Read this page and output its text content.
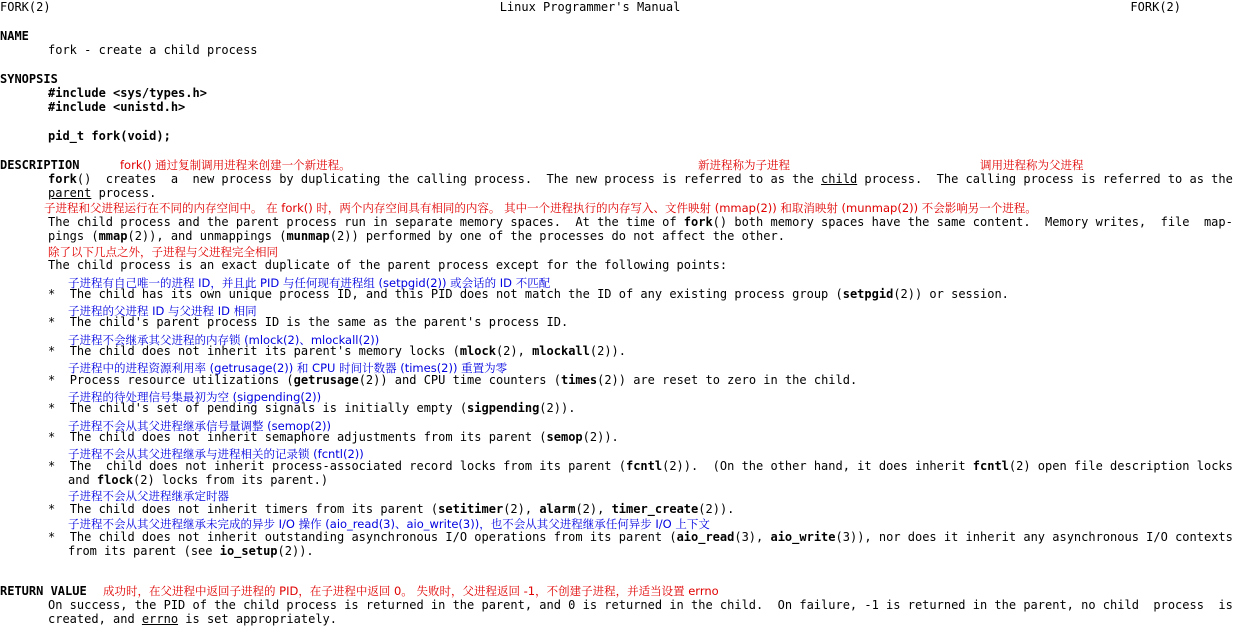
FORK(2)	Linux Programmer's Manual	FORK(2)
NAME
fork - create a child process
SYNOPSIS
#include <sys/types.h>
#include <unistd.h>
pid_t fork(void);
DESCRIPTION	fork() 通过复制调用进程来创建一个新进程。	新进程称为子进程	调用进程称为父进程
fork()  creates  a  new process by duplicating the calling process.  The new process is referred to as the child process.  The calling process is referred to as the
parent process.
子进程和父进程运行在不同的内存空间中。 在 fork() 时，两个内存空间具有相同的内容。 其中一个进程执行的内存写入、文件映射 (mmap(2)) 和取消映射 (munmap(2)) 不会影响另一个进程。
The child process and the parent process run in separate memory spaces.  At the time of fork() both memory spaces have the same content.  Memory writes,  file  map‐
pings (mmap(2)), and unmappings (munmap(2)) performed by one of the processes do not affect the other.
除了以下几点之外，子进程与父进程完全相同
The child process is an exact duplicate of the parent process except for the following points:
子进程有自己唯一的进程 ID，并且此 PID 与任何现有进程组 (setpgid(2)) 或会话的 ID 不匹配
* The child has its own unique process ID, and this PID does not match the ID of any existing process group (setpgid(2)) or session.
子进程的父进程 ID 与父进程 ID 相同
* The child's parent process ID is the same as the parent's process ID.
子进程不会继承其父进程的内存锁 (mlock(2)、mlockall(2))
* The child does not inherit its parent's memory locks (mlock(2), mlockall(2)).
子进程中的进程资源利用率 (getrusage(2)) 和 CPU 时间计数器 (times(2)) 重置为零
* Process resource utilizations (getrusage(2)) and CPU time counters (times(2)) are reset to zero in the child.
子进程的待处理信号集最初为空 (sigpending(2))
* The child's set of pending signals is initially empty (sigpending(2)).
子进程不会从其父进程继承信号量调整 (semop(2))
* The child does not inherit semaphore adjustments from its parent (semop(2)).
子进程不会从其父进程继承与进程相关的记录锁 (fcntl(2))
* The  child does not inherit process-associated record locks from its parent (fcntl(2)).  (On the other hand, it does inherit fcntl(2) open file description locks
and flock(2) locks from its parent.)
子进程不会从父进程继承定时器
* The child does not inherit timers from its parent (setitimer(2), alarm(2), timer_create(2)).
子进程不会从其父进程继承未完成的异步 I/O 操作 (aio_read(3)、aio_write(3))，也不会从其父进程继承任何异步 I/O 上下文
* The child does not inherit outstanding asynchronous I/O operations from its parent (aio_read(3), aio_write(3)), nor does it inherit any asynchronous I/O contexts
from its parent (see io_setup(2)).
RETURN VALUE 成功时，在父进程中返回子进程的 PID，在子进程中返回 0。 失败时，父进程返回 -1，不创建子进程，并适当设置 errno
On success, the PID of the child process is returned in the parent, and 0 is returned in the child.  On failure, -1 is returned in the parent, no child  process  is
created, and errno is set appropriately.
